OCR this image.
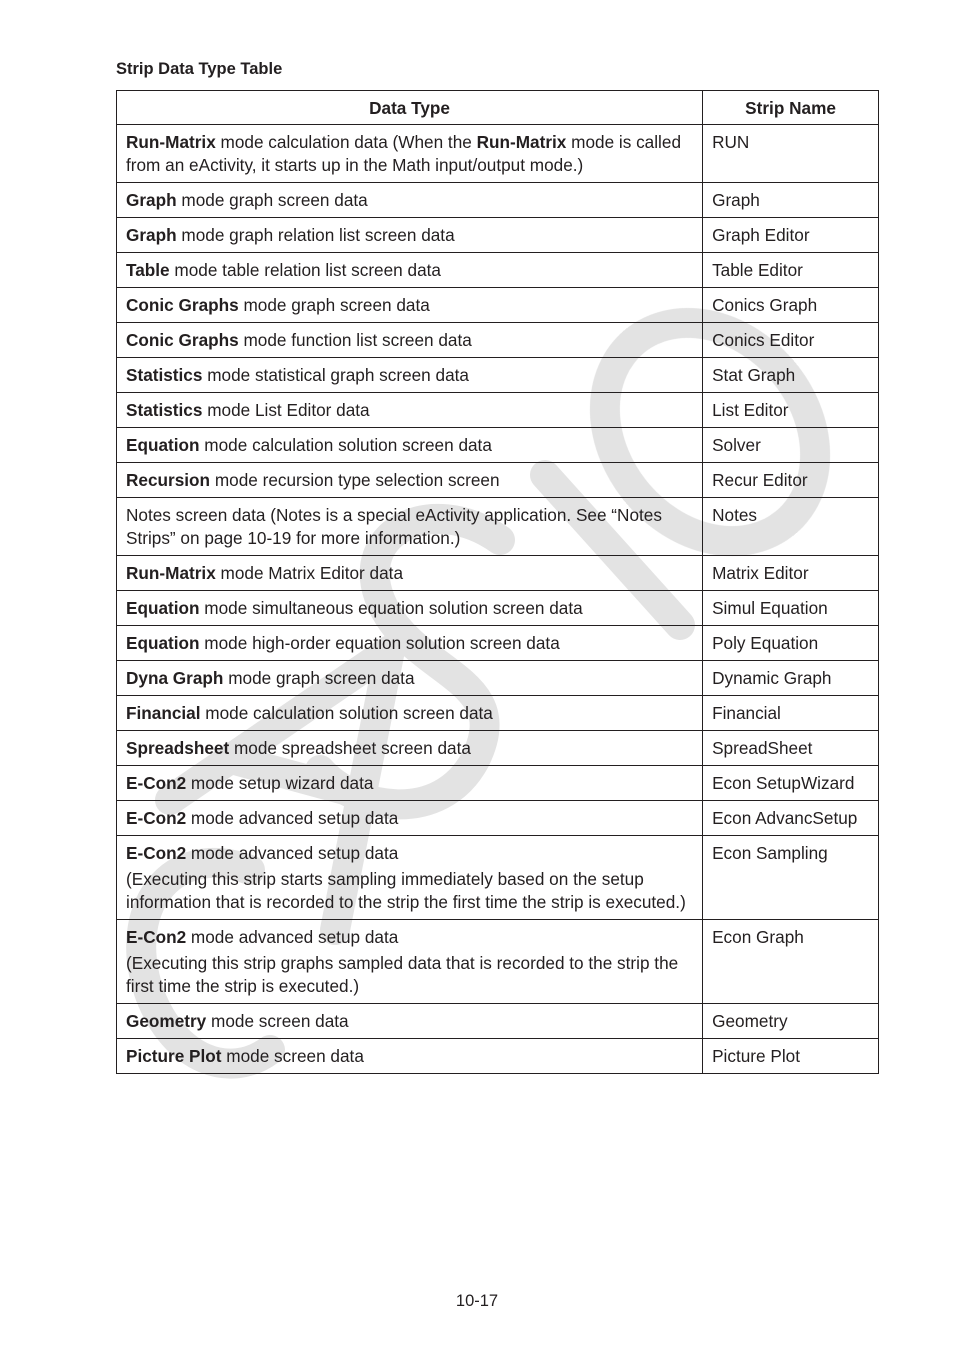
Strip Data Type Table
Data Type	Strip Name
Run-Matrix mode calculation data (When the Run-Matrix mode is called from an eActivity, it starts up in the Math input/output mode.)	RUN
Graph mode graph screen data	Graph
Graph mode graph relation list screen data	Graph Editor
Table mode table relation list screen data	Table Editor
Conic Graphs mode graph screen data	Conics Graph
Conic Graphs mode function list screen data	Conics Editor
Statistics mode statistical graph screen data	Stat Graph
Statistics mode List Editor data	List Editor
Equation mode calculation solution screen data	Solver
Recursion mode recursion type selection screen	Recur Editor
Notes screen data (Notes is a special eActivity application. See “Notes Strips” on page 10-19 for more information.)	Notes
Run-Matrix mode Matrix Editor data	Matrix Editor
Equation mode simultaneous equation solution screen data	Simul Equation
Equation mode high-order equation solution screen data	Poly Equation
Dyna Graph mode graph screen data	Dynamic Graph
Financial mode calculation solution screen data	Financial
Spreadsheet mode spreadsheet screen data	SpreadSheet
E-Con2 mode setup wizard data	Econ SetupWizard
E-Con2 mode advanced setup data	Econ AdvancSetup
E-Con2 mode advanced setup data
(Executing this strip starts sampling immediately based on the setup information that is recorded to the strip the first time the strip is executed.)	Econ Sampling
E-Con2 mode advanced setup data
(Executing this strip graphs sampled data that is recorded to the strip the first time the strip is executed.)	Econ Graph
Geometry mode screen data	Geometry
Picture Plot mode screen data	Picture Plot
10-17
